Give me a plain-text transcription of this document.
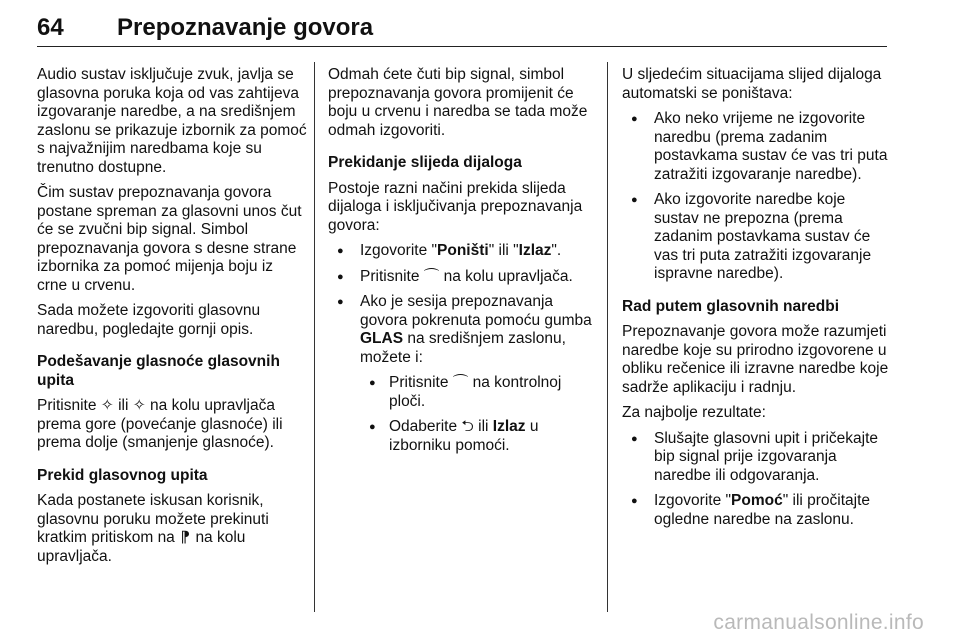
64	Prepoznavanje govora

Audio sustav isključuje zvuk, javlja se glasovna poruka koja od vas zahtijeva izgovaranje naredbe, a na središnjem zaslonu se prikazuje izbornik za pomoć s najvažnijim naredbama koje su trenutno dostupne.

Čim sustav prepoznavanja govora postane spreman za glasovni unos čut će se zvučni bip signal. Simbol prepoznavanja govora s desne strane izbornika za pomoć mijenja boju iz crne u crvenu.

Sada možete izgovoriti glasovnu naredbu, pogledajte gornji opis.

Podešavanje glasnoće glasovnih upita

Pritisnite ✧ ili ✧ na kolu upravljača prema gore (povećanje glasnoće) ili prema dolje (smanjenje glasnoće).

Prekid glasovnog upita

Kada postanete iskusan korisnik, glasovnu poruku možete prekinuti kratkim pritiskom na ⁋ na kolu upravljača.

Odmah ćete čuti bip signal, simbol prepoznavanja govora promijenit će boju u crvenu i naredba se tada može odmah izgovoriti.

Prekidanje slijeda dijaloga

Postoje razni načini prekida slijeda dijaloga i isključivanja prepoznavanja govora:

● Izgovorite "Poništi" ili "Izlaz".
● Pritisnite ⌒ na kolu upravljača.
● Ako je sesija prepoznavanja govora pokrenuta pomoću gumba GLAS na središnjem zaslonu, možete i:
● Pritisnite ⌒ na kontrolnoj ploči.
● Odaberite ⮌ ili Izlaz u izborniku pomoći.

U sljedećim situacijama slijed dijaloga automatski se poništava:

● Ako neko vrijeme ne izgovorite naredbu (prema zadanim postavkama sustav će vas tri puta zatražiti izgovaranje naredbe).
● Ako izgovorite naredbe koje sustav ne prepozna (prema zadanim postavkama sustav će vas tri puta zatražiti izgovaranje ispravne naredbe).

Rad putem glasovnih naredbi

Prepoznavanje govora može razumjeti naredbe koje su prirodno izgovorene u obliku rečenice ili izravne naredbe koje sadrže aplikaciju i radnju.

Za najbolje rezultate:

● Slušajte glasovni upit i pričekajte bip signal prije izgovaranja naredbe ili odgovaranja.
● Izgovorite "Pomoć" ili pročitajte ogledne naredbe na zaslonu.
carmanualsonline.info
